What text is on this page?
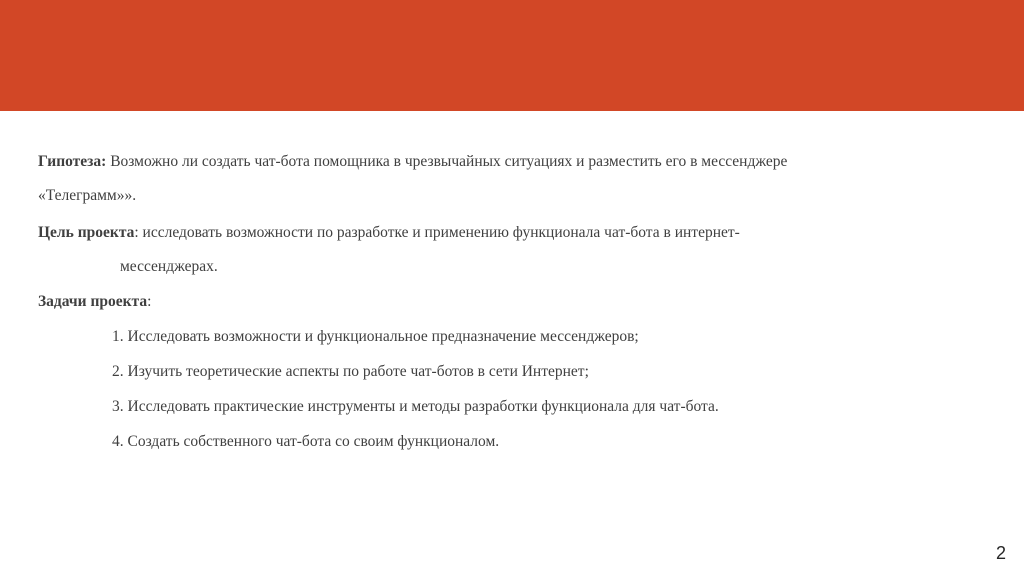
Гипотеза: Возможно ли создать чат-бота помощника в чрезвычайных ситуациях и разместить его в мессенджере
«Телеграмм»».
Цель проекта: исследовать возможности по разработке и применению функционала чат-бота в интернет-
мессенджерах.
Задачи проекта:
1. Исследовать возможности и функциональное предназначение мессенджеров;
2. Изучить теоретические аспекты по работе чат-ботов в сети Интернет;
3. Исследовать практические инструменты и методы разработки функционала для чат-бота.
4. Создать собственного чат-бота со своим функционалом.
2
